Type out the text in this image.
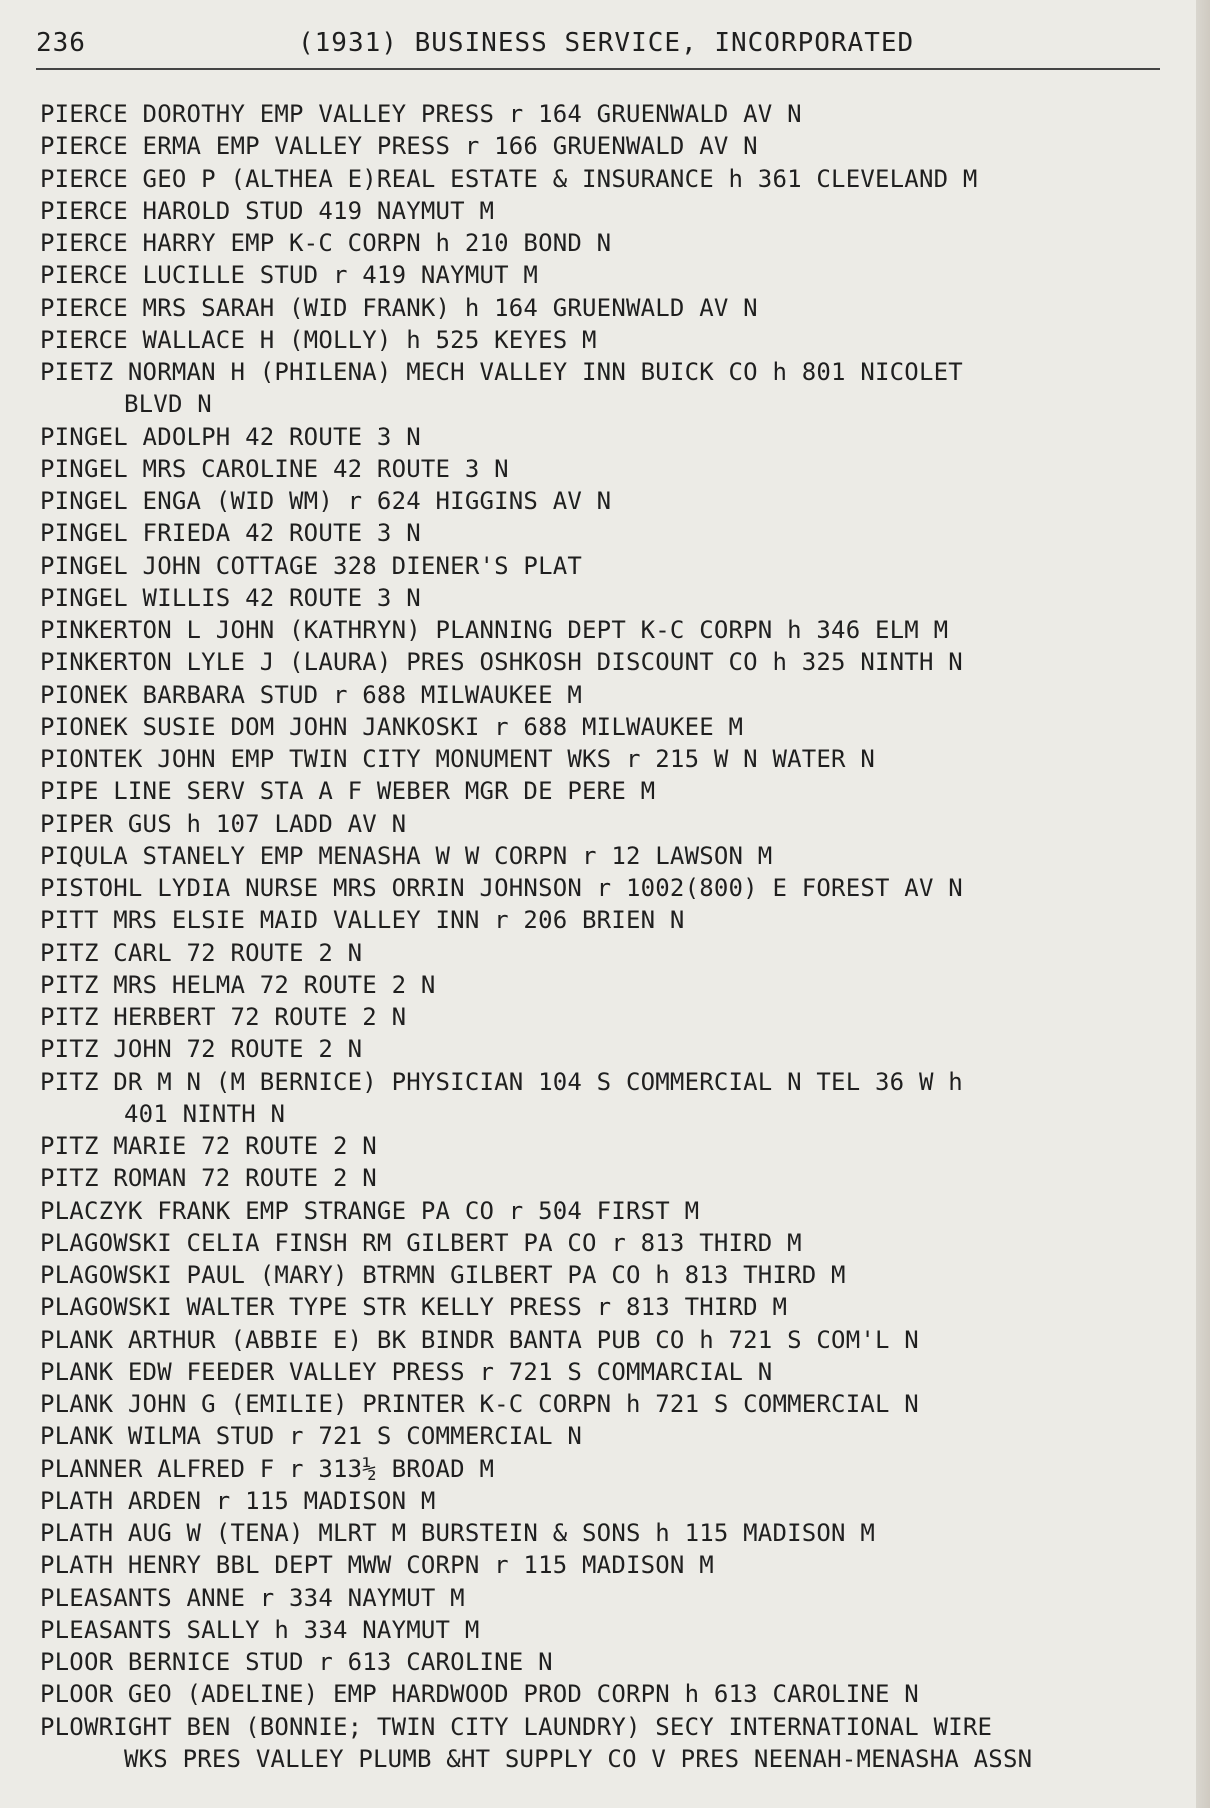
236	(1931) BUSINESS SERVICE, INCORPORATED
PIERCE DOROTHY EMP VALLEY PRESS r 164 GRUENWALD AV N
PIERCE ERMA EMP VALLEY PRESS r 166 GRUENWALD AV N
PIERCE GEO P (ALTHEA E)REAL ESTATE & INSURANCE h 361 CLEVELAND M
PIERCE HAROLD STUD 419 NAYMUT M
PIERCE HARRY EMP K-C CORPN h 210 BOND N
PIERCE LUCILLE STUD r 419 NAYMUT M
PIERCE MRS SARAH (WID FRANK) h 164 GRUENWALD AV N
PIERCE WALLACE H (MOLLY) h 525 KEYES M
PIETZ NORMAN H (PHILENA) MECH VALLEY INN BUICK CO h 801 NICOLET
BLVD N
PINGEL ADOLPH 42 ROUTE 3 N
PINGEL MRS CAROLINE 42 ROUTE 3 N
PINGEL ENGA (WID WM) r 624 HIGGINS AV N
PINGEL FRIEDA 42 ROUTE 3 N
PINGEL JOHN COTTAGE 328 DIENER'S PLAT
PINGEL WILLIS 42 ROUTE 3 N
PINKERTON L JOHN (KATHRYN) PLANNING DEPT K-C CORPN h 346 ELM M
PINKERTON LYLE J (LAURA) PRES OSHKOSH DISCOUNT CO h 325 NINTH N
PIONEK BARBARA STUD r 688 MILWAUKEE M
PIONEK SUSIE DOM JOHN JANKOSKI r 688 MILWAUKEE M
PIONTEK JOHN EMP TWIN CITY MONUMENT WKS r 215 W N WATER N
PIPE LINE SERV STA A F WEBER MGR DE PERE M
PIPER GUS h 107 LADD AV N
PIQULA STANELY EMP MENASHA W W CORPN r 12 LAWSON M
PISTOHL LYDIA NURSE MRS ORRIN JOHNSON r 1002(800) E FOREST AV N
PITT MRS ELSIE MAID VALLEY INN r 206 BRIEN N
PITZ CARL 72 ROUTE 2 N
PITZ MRS HELMA 72 ROUTE 2 N
PITZ HERBERT 72 ROUTE 2 N
PITZ JOHN 72 ROUTE 2 N
PITZ DR M N (M BERNICE) PHYSICIAN 104 S COMMERCIAL N TEL 36 W h
401 NINTH N
PITZ MARIE 72 ROUTE 2 N
PITZ ROMAN 72 ROUTE 2 N
PLACZYK FRANK EMP STRANGE PA CO r 504 FIRST M
PLAGOWSKI CELIA FINSH RM GILBERT PA CO r 813 THIRD M
PLAGOWSKI PAUL (MARY) BTRMN GILBERT PA CO h 813 THIRD M
PLAGOWSKI WALTER TYPE STR KELLY PRESS r 813 THIRD M
PLANK ARTHUR (ABBIE E) BK BINDR BANTA PUB CO h 721 S COM'L N
PLANK EDW FEEDER VALLEY PRESS r 721 S COMMARCIAL N
PLANK JOHN G (EMILIE) PRINTER K-C CORPN h 721 S COMMERCIAL N
PLANK WILMA STUD r 721 S COMMERCIAL N
PLANNER ALFRED F r 313½ BROAD M
PLATH ARDEN r 115 MADISON M
PLATH AUG W (TENA) MLRT M BURSTEIN & SONS h 115 MADISON M
PLATH HENRY BBL DEPT MWW CORPN r 115 MADISON M
PLEASANTS ANNE r 334 NAYMUT M
PLEASANTS SALLY h 334 NAYMUT M
PLOOR BERNICE STUD r 613 CAROLINE N
PLOOR GEO (ADELINE) EMP HARDWOOD PROD CORPN h 613 CAROLINE N
PLOWRIGHT BEN (BONNIE; TWIN CITY LAUNDRY) SECY INTERNATIONAL WIRE
WKS PRES VALLEY PLUMB &HT SUPPLY CO V PRES NEENAH-MENASHA ASSN
